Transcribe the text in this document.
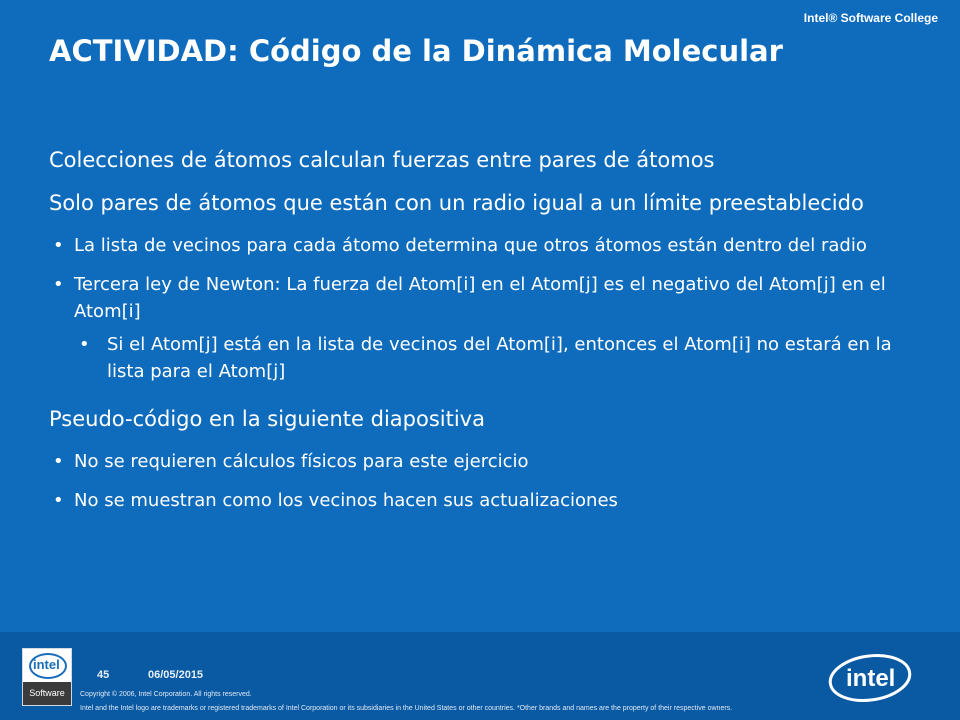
Intel® Software College
ACTIVIDAD: Código de la Dinámica Molecular

Colecciones de átomos calculan fuerzas entre pares de átomos

Solo pares de átomos que están con un radio igual a un límite preestablecido

• La lista de vecinos para cada átomo determina que otros átomos están dentro del radio
• Tercera ley de Newton: La fuerza del Atom[i] en el Atom[j] es el negativo del Atom[j] en el Atom[i]
• Si el Atom[j] está en la lista de vecinos del Atom[i], entonces el Atom[i] no estará en la lista para el Atom[j]

Pseudo-código en la siguiente diapositiva

• No se requieren cálculos físicos para este ejercicio
• No se muestran como los vecinos hacen sus actualizaciones
intel
Software
45	06/05/2015
Copyright © 2006, Intel Corporation. All rights reserved.
Intel and the Intel logo are trademarks or registered trademarks of Intel Corporation or its subsidiaries in the United States or other countries. *Other brands and names are the property of their respective owners.
intel
